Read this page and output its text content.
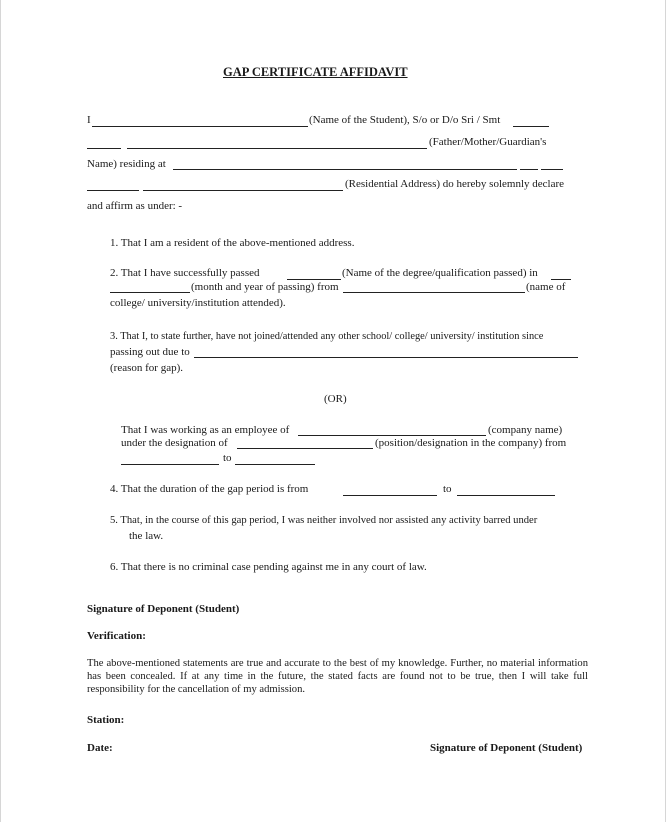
GAP CERTIFICATE AFFIDAVIT
I	(Name of the Student), S/o or D/o Sri / Smt
(Father/Mother/Guardian's
Name) residing at
(Residential Address) do hereby solemnly declare
and affirm as under: -
1. That I am a resident of the above-mentioned address.
2. That I have successfully passed	(Name of the degree/qualification passed) in
(month and year of passing) from	(name of
college/ university/institution attended).
3. That I, to state further, have not joined/attended any other school/ college/ university/ institution since
passing out due to
(reason for gap).
(OR)
That I was working as an employee of	(company name)
under the designation of	(position/designation in the company) from
to
4. That the duration of the gap period is from	to
5. That, in the course of this gap period, I was neither involved nor assisted any activity barred under
the law.
6. That there is no criminal case pending against me in any court of law.
Signature of Deponent (Student)
Verification:
The above-mentioned statements are true and accurate to the best of my knowledge. Further, no material information has been concealed. If at any time in the future, the stated facts are found not to be true, then I will take full responsibility for the cancellation of my admission.
Station:
Date:	Signature of Deponent (Student)
